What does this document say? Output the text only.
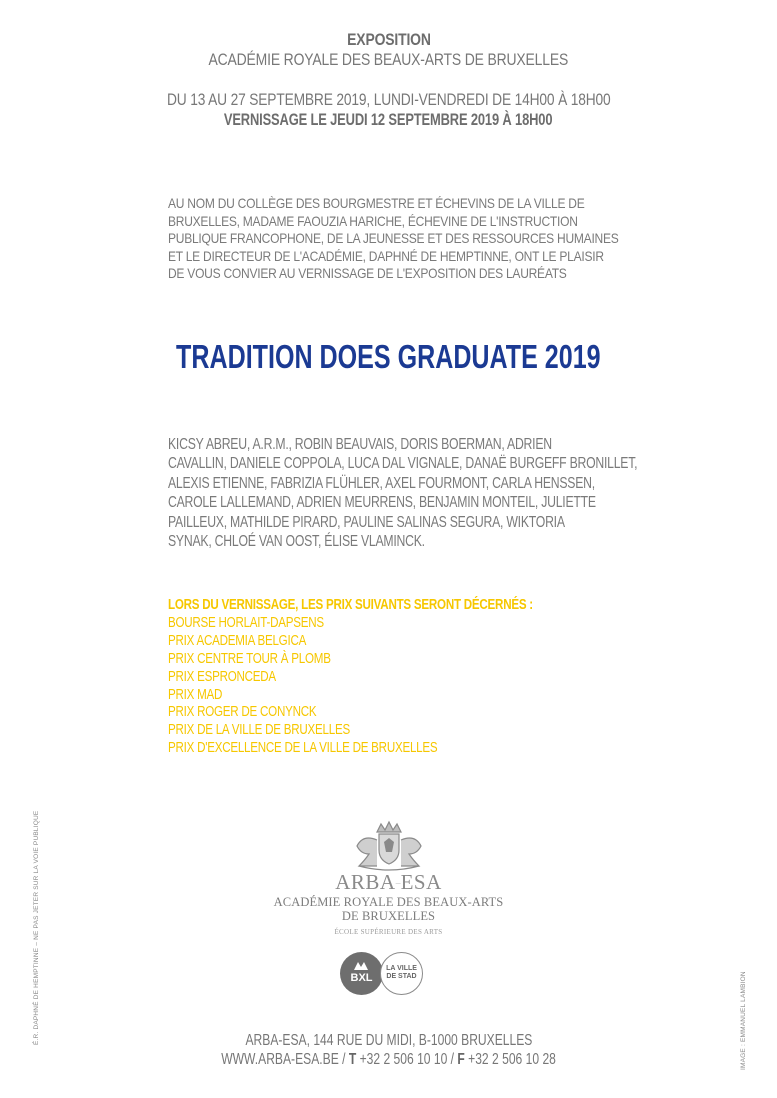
EXPOSITION
ACADÉMIE ROYALE DES BEAUX-ARTS DE BRUXELLES
DU 13 AU 27 SEPTEMBRE 2019, LUNDI-VENDREDI DE 14H00 À 18H00
VERNISSAGE LE JEUDI 12 SEPTEMBRE 2019 À 18H00
AU NOM DU COLLÈGE DES BOURGMESTRE ET ÉCHEVINS DE LA VILLE DE
BRUXELLES, MADAME FAOUZIA HARICHE, ÉCHEVINE DE L'INSTRUCTION
PUBLIQUE FRANCOPHONE, DE LA JEUNESSE ET DES RESSOURCES HUMAINES
ET LE DIRECTEUR DE L'ACADÉMIE, DAPHNÉ DE HEMPTINNE, ONT LE PLAISIR
DE VOUS CONVIER AU VERNISSAGE DE L'EXPOSITION DES LAURÉATS
TRADITION DOES GRADUATE 2019
KICSY ABREU, A.R.M., ROBIN BEAUVAIS, DORIS BOERMAN, ADRIEN
CAVALLIN, DANIELE COPPOLA, LUCA DAL VIGNALE, DANAË BURGEFF BRONILLET,
ALEXIS ETIENNE, FABRIZIA FLÜHLER, AXEL FOURMONT, CARLA HENSSEN,
CAROLE LALLEMAND, ADRIEN MEURRENS, BENJAMIN MONTEIL, JULIETTE
PAILLEUX, MATHILDE PIRARD, PAULINE SALINAS SEGURA, WIKTORIA
SYNAK, CHLOÉ VAN OOST, ÉLISE VLAMINCK.
LORS DU VERNISSAGE, LES PRIX SUIVANTS SERONT DÉCERNÉS :
BOURSE HORLAIT-DAPSENS
PRIX ACADEMIA BELGICA
PRIX CENTRE TOUR À PLOMB
PRIX ESPRONCEDA
PRIX MAD
PRIX ROGER DE CONYNCK
PRIX DE LA VILLE DE BRUXELLES
PRIX D'EXCELLENCE DE LA VILLE DE BRUXELLES
ARBA—ESA
ACADÉMIE ROYALE DES BEAUX-ARTS
DE BRUXELLES
ÉCOLE SUPÉRIEURE DES ARTS
BXL
LA VILLE
DE STAD
ARBA-ESA, 144 RUE DU MIDI, B-1000 BRUXELLES
WWW.ARBA-ESA.BE / T +32 2 506 10 10 / F +32 2 506 10 28
É.R. DAPHNÉ DE HEMPTINNE – NE PAS JETER SUR LA VOIE PUBLIQUE	IMAGE : EMMANUEL LAMBION
